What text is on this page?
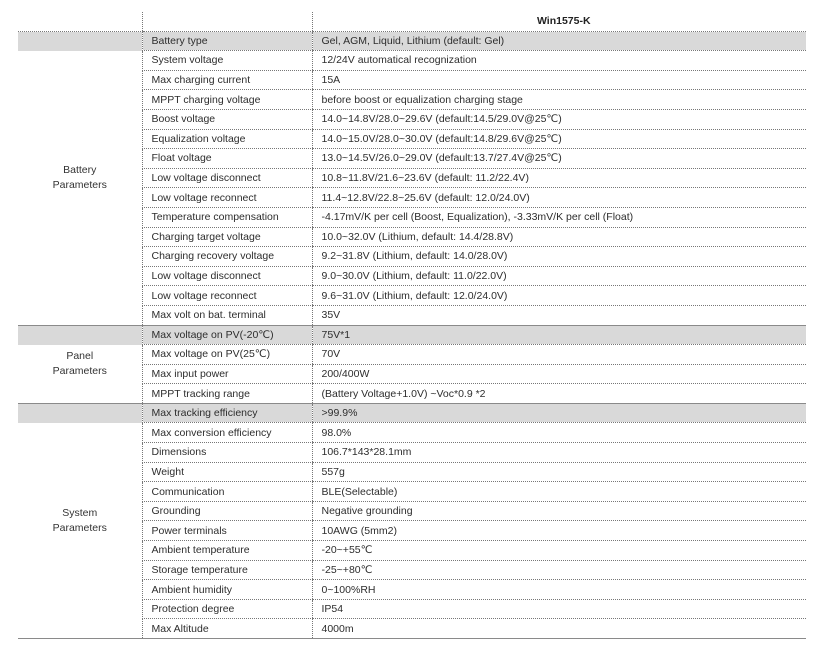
		Win1575-K
Battery
Parameters	Battery type	Gel, AGM, Liquid, Lithium (default: Gel)
	System voltage	12/24V automatical recognization
	Max charging current	15A
	MPPT charging voltage	before boost or equalization charging stage
	Boost voltage	14.0~14.8V/28.0~29.6V (default:14.5/29.0V@25℃)
	Equalization voltage	14.0~15.0V/28.0~30.0V (default:14.8/29.6V@25℃)
	Float voltage	13.0~14.5V/26.0~29.0V (default:13.7/27.4V@25℃)
	Low voltage disconnect	10.8~11.8V/21.6~23.6V (default: 11.2/22.4V)
	Low voltage reconnect	11.4~12.8V/22.8~25.6V (default: 12.0/24.0V)
	Temperature compensation	-4.17mV/K per cell (Boost, Equalization), -3.33mV/K per cell (Float)
	Charging target voltage	10.0~32.0V (Lithium, default: 14.4/28.8V)
	Charging recovery voltage	9.2~31.8V (Lithium, default: 14.0/28.0V)
	Low voltage disconnect	9.0~30.0V (Lithium, default: 11.0/22.0V)
	Low voltage reconnect	9.6~31.0V (Lithium, default: 12.0/24.0V)
	Max volt on bat. terminal	35V
Panel
Parameters	Max voltage on PV(-20℃)	75V*1
	Max voltage on PV(25℃)	70V
	Max input power	200/400W
	MPPT tracking range	(Battery Voltage+1.0V) ~Voc*0.9 *2
System
Parameters	Max tracking efficiency	>99.9%
	Max conversion efficiency	98.0%
	Dimensions	106.7*143*28.1mm
	Weight	557g
	Communication	BLE(Selectable)
	Grounding	Negative grounding
	Power terminals	10AWG (5mm2)
	Ambient temperature	-20~+55℃
	Storage temperature	-25~+80℃
	Ambient humidity	0~100%RH
	Protection degree	IP54
	Max Altitude	4000m
